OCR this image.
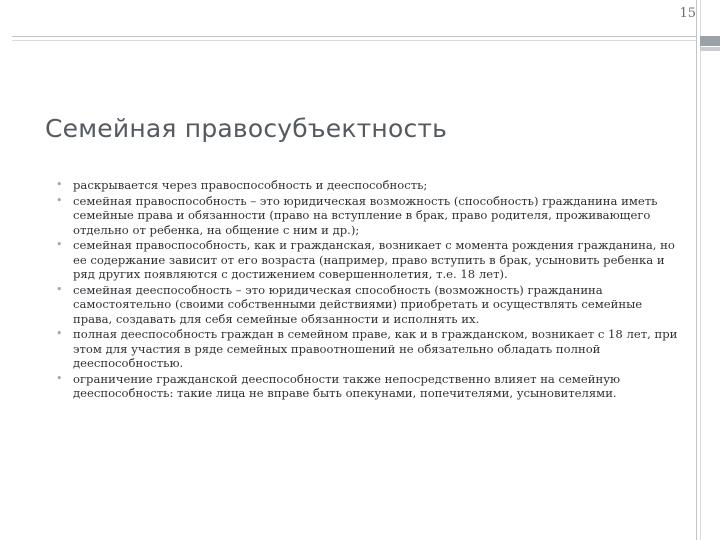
15
Семейная правосубъектность
• раскрывается через правоспособность и дееспособность;
• семейная правоспособность – это юридическая возможность (способность) гражданина иметь семейные права и обязанности (право на вступление в брак, право родителя, проживающего отдельно от ребенка, на общение с ним и др.);
• семейная правоспособность, как и гражданская, возникает с момента рождения гражданина, но ее содержание зависит от его возраста (например, право вступить в брак, усыновить ребенка и ряд других появляются с достижением совершеннолетия, т.е. 18 лет).
• семейная дееспособность – это юридическая способность (возможность) гражданина самостоятельно (своими собственными действиями) приобретать и осуществлять семейные права, создавать для себя семейные обязанности и исполнять их.
• полная дееспособность граждан в семейном праве, как и в гражданском, возникает с 18 лет, при этом для участия в ряде семейных правоотношений не обязательно обладать полной дееспособностью.
• ограничение гражданской дееспособности также непосредственно влияет на семейную дееспособность: такие лица не вправе быть опекунами, попечителями, усыновителями.
